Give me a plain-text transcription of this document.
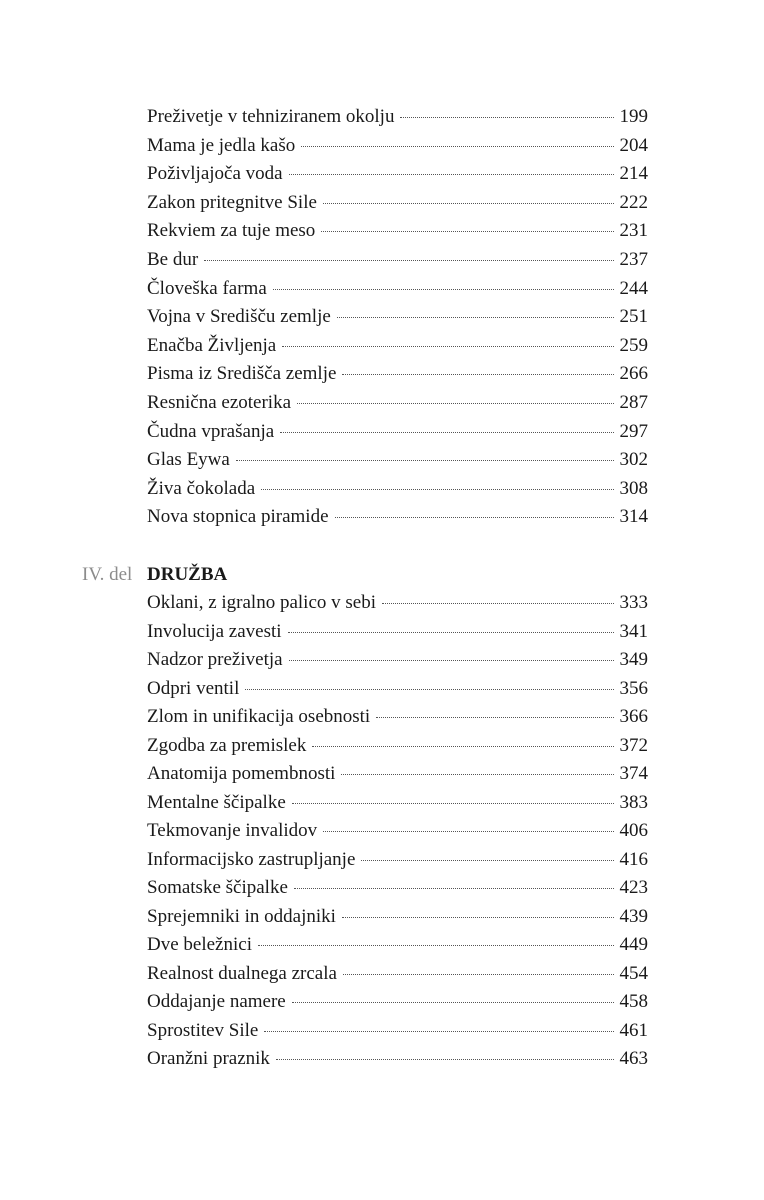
Preživetje v tehniziranem okolju	199
Mama je jedla kašo	204
Poživljajoča voda	214
Zakon pritegnitve Sile	222
Rekviem za tuje meso	231
Be dur	237
Človeška farma	244
Vojna v Središču zemlje	251
Enačba Življenja	259
Pisma iz Središča zemlje	266
Resnična ezoterika	287
Čudna vprašanja	297
Glas Eywa	302
Živa čokolada	308
Nova stopnica piramide	314
IV. del DRUŽBA
Oklani, z igralno palico v sebi	333
Involucija zavesti	341
Nadzor preživetja	349
Odpri ventil	356
Zlom in unifikacija osebnosti	366
Zgodba za premislek	372
Anatomija pomembnosti	374
Mentalne ščipalke	383
Tekmovanje invalidov	406
Informacijsko zastrupljanje	416
Somatske ščipalke	423
Sprejemniki in oddajniki	439
Dve beležnici	449
Realnost dualnega zrcala	454
Oddajanje namere	458
Sprostitev Sile	461
Oranžni praznik	463
